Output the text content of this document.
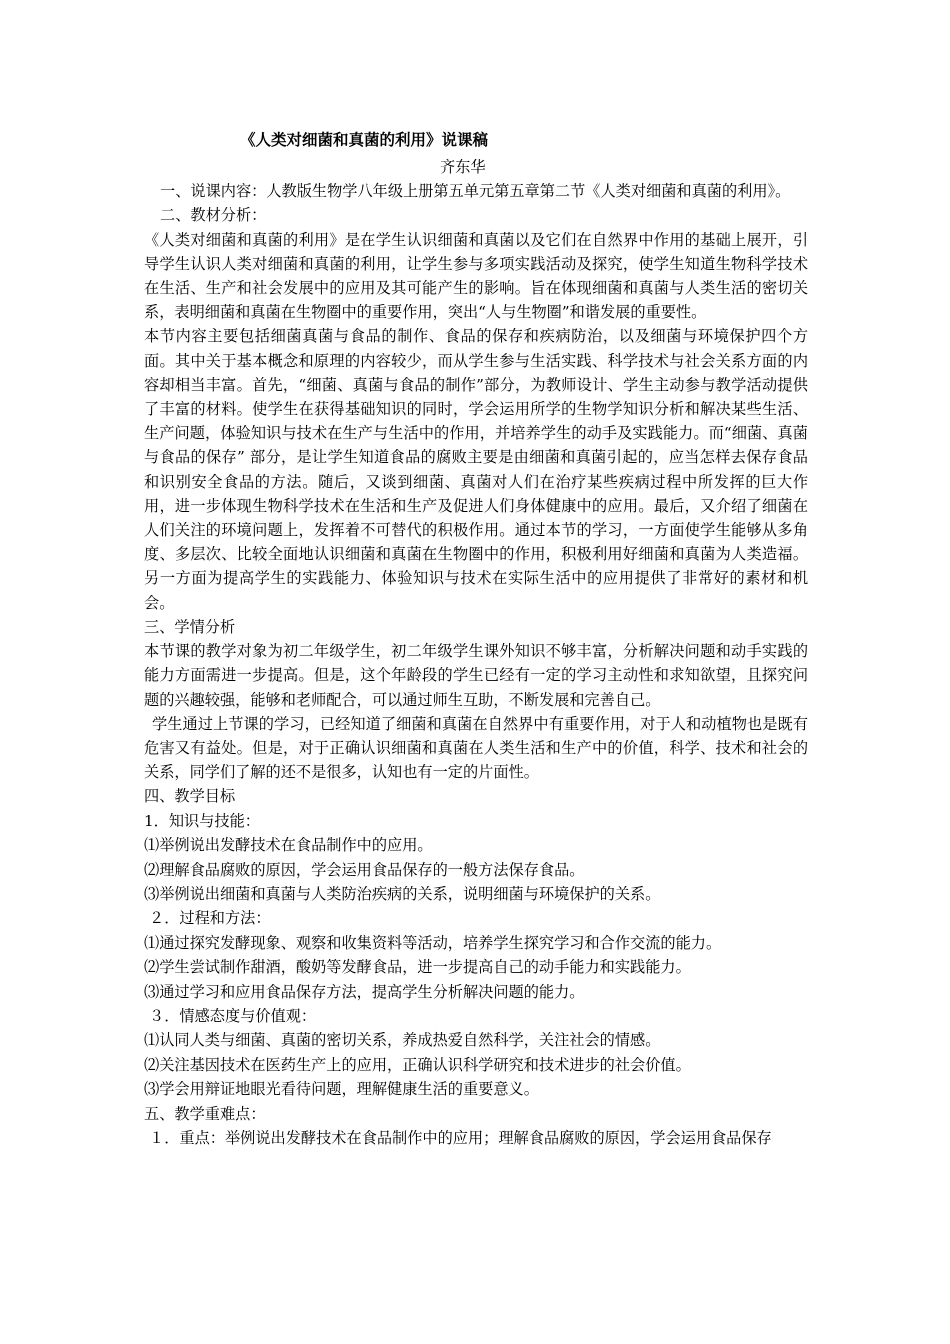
《人类对细菌和真菌的利用》说课稿
齐东华

一、说课内容：人教版生物学八年级上册第五单元第五章第二节《人类对细菌和真菌的利用》。

二、教材分析：

《人类对细菌和真菌的利用》是在学生认识细菌和真菌以及它们在自然界中作用的基础上展开，引导学生认识人类对细菌和真菌的利用，让学生参与多项实践活动及探究，使学生知道生物科学技术在生活、生产和社会发展中的应用及其可能产生的影响。旨在体现细菌和真菌与人类生活的密切关系，表明细菌和真菌在生物圈中的重要作用，突出“人与生物圈”和谐发展的重要性。

本节内容主要包括细菌真菌与食品的制作、食品的保存和疾病防治，以及细菌与环境保护四个方面。其中关于基本概念和原理的内容较少，而从学生参与生活实践、科学技术与社会关系方面的内容却相当丰富。首先，“细菌、真菌与食品的制作”部分，为教师设计、学生主动参与教学活动提供了丰富的材料。使学生在获得基础知识的同时，学会运用所学的生物学知识分析和解决某些生活、生产问题，体验知识与技术在生产与生活中的作用，并培养学生的动手及实践能力。而“细菌、真菌与食品的保存” 部分，是让学生知道食品的腐败主要是由细菌和真菌引起的，应当怎样去保存食品和识别安全食品的方法。随后，又谈到细菌、真菌对人们在治疗某些疾病过程中所发挥的巨大作用，进一步体现生物科学技术在生活和生产及促进人们身体健康中的应用。最后，又介绍了细菌在人们关注的环境问题上，发挥着不可替代的积极作用。通过本节的学习，一方面使学生能够从多角度、多层次、比较全面地认识细菌和真菌在生物圈中的作用，积极利用好细菌和真菌为人类造福。另一方面为提高学生的实践能力、体验知识与技术在实际生活中的应用提供了非常好的素材和机会。

三、学情分析

本节课的教学对象为初二年级学生，初二年级学生课外知识不够丰富，分析解决问题和动手实践的能力方面需进一步提高。但是，这个年龄段的学生已经有一定的学习主动性和求知欲望，且探究问题的兴趣较强，能够和老师配合，可以通过师生互助，不断发展和完善自己。

学生通过上节课的学习，已经知道了细菌和真菌在自然界中有重要作用，对于人和动植物也是既有危害又有益处。但是，对于正确认识细菌和真菌在人类生活和生产中的价值，科学、技术和社会的关系，同学们了解的还不是很多，认知也有一定的片面性。

四、教学目标
1．知识与技能：
⑴举例说出发酵技术在食品制作中的应用。
⑵理解食品腐败的原因，学会运用食品保存的一般方法保存食品。
⑶举例说出细菌和真菌与人类防治疾病的关系，说明细菌与环境保护的关系。
２．过程和方法：
⑴通过探究发酵现象、观察和收集资料等活动，培养学生探究学习和合作交流的能力。
⑵学生尝试制作甜酒，酸奶等发酵食品，进一步提高自己的动手能力和实践能力。
⑶通过学习和应用食品保存方法，提高学生分析解决问题的能力。
３．情感态度与价值观：
⑴认同人类与细菌、真菌的密切关系，养成热爱自然科学，关注社会的情感。
⑵关注基因技术在医药生产上的应用，正确认识科学研究和技术进步的社会价值。
⑶学会用辩证地眼光看待问题，理解健康生活的重要意义。
五、教学重难点：
１．重点：举例说出发酵技术在食品制作中的应用；理解食品腐败的原因，学会运用食品保存
